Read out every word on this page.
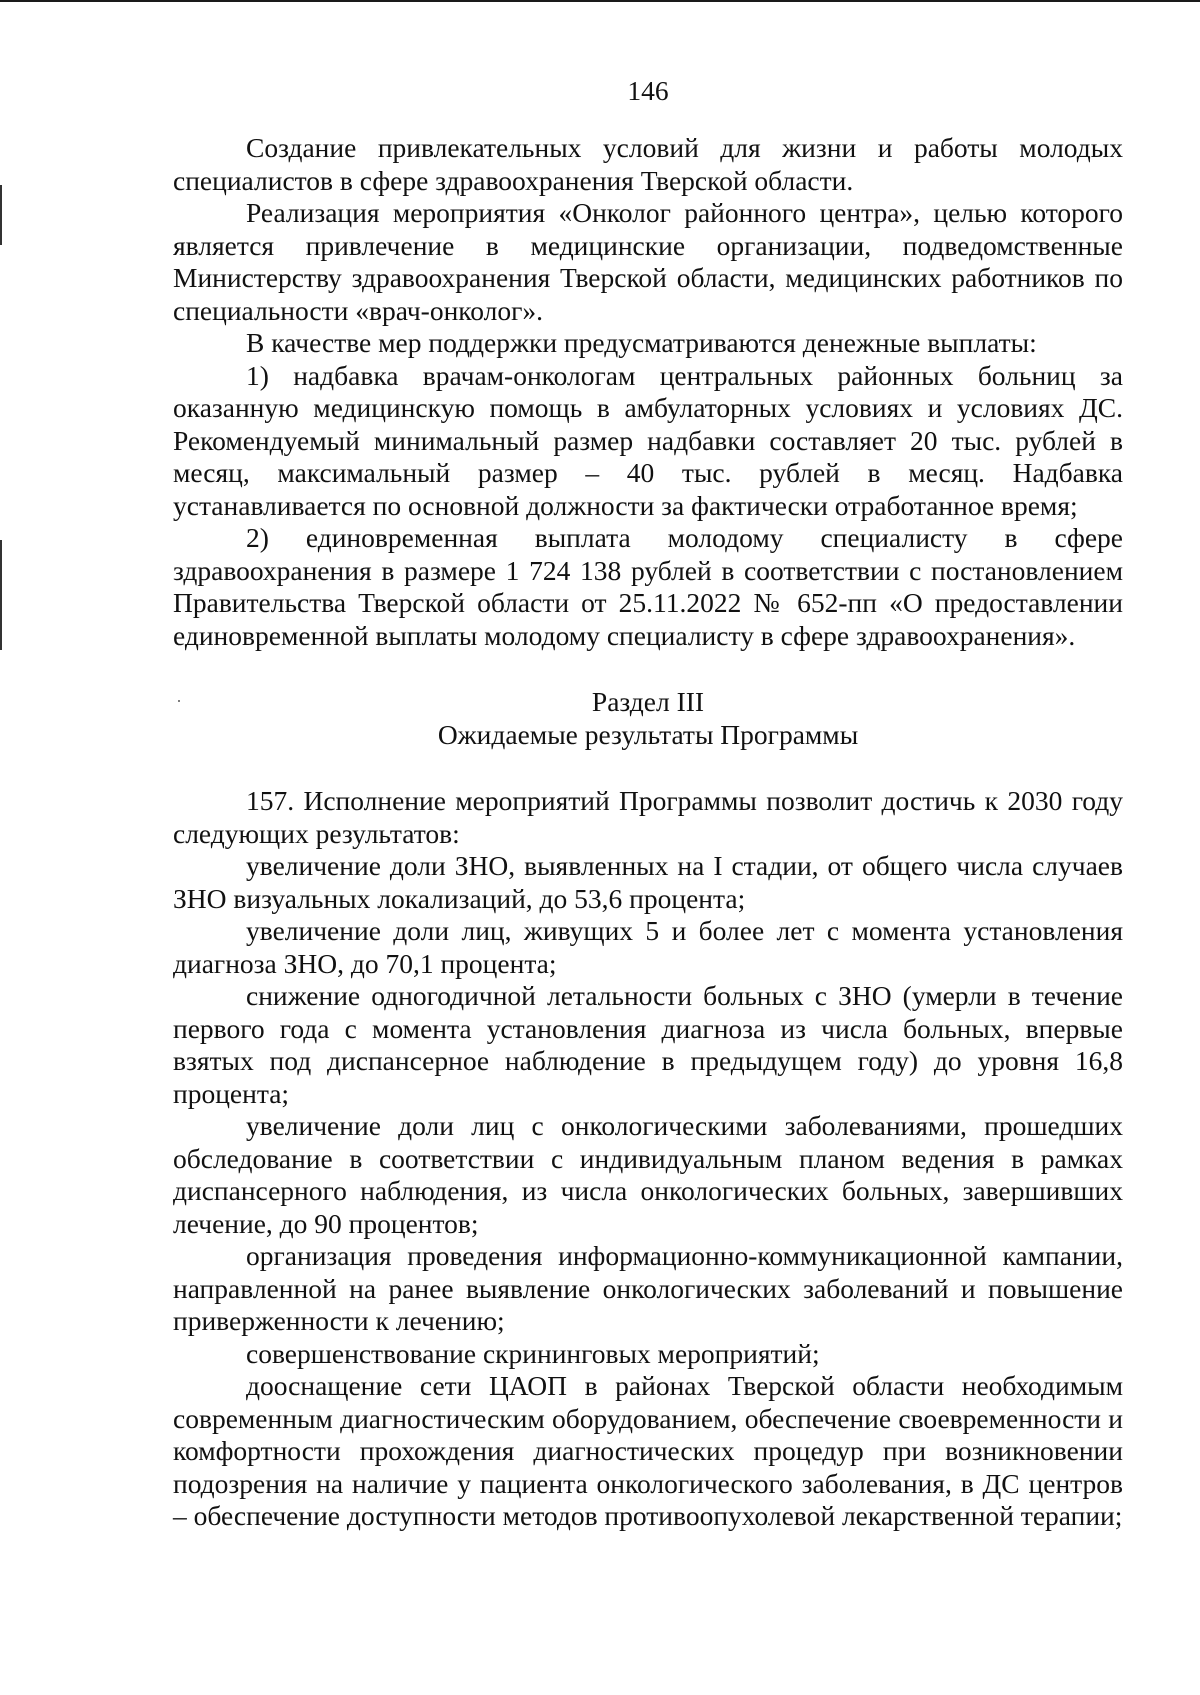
146

Создание привлекательных условий для жизни и работы молодых специалистов в сфере здравоохранения Тверской области.

Реализация мероприятия «Онколог районного центра», целью которого является привлечение в медицинские организации, подведомственные Министерству здравоохранения Тверской области, медицинских работников по специальности «врач-онколог».

В качестве мер поддержки предусматриваются денежные выплаты:

1) надбавка врачам-онкологам центральных районных больниц за оказанную медицинскую помощь в амбулаторных условиях и условиях ДС. Рекомендуемый минимальный размер надбавки составляет 20 тыс. рублей в месяц, максимальный размер – 40 тыс. рублей в месяц. Надбавка устанавливается по основной должности за фактически отработанное время;

2) единовременная выплата молодому специалисту в сфере здравоохранения в размере 1 724 138 рублей в соответствии с постановлением Правительства Тверской области от 25.11.2022 № 652-пп «О предоставлении единовременной выплаты молодому специалисту в сфере здравоохранения».

Раздел III

Ожидаемые результаты Программы

157. Исполнение мероприятий Программы позволит достичь к 2030 году следующих результатов:

увеличение доли ЗНО, выявленных на I стадии, от общего числа случаев ЗНО визуальных локализаций, до 53,6 процента;

увеличение доли лиц, живущих 5 и более лет с момента установления диагноза ЗНО, до 70,1 процента;

снижение одногодичной летальности больных с ЗНО (умерли в течение первого года с момента установления диагноза из числа больных, впервые взятых под диспансерное наблюдение в предыдущем году) до уровня 16,8 процента;

увеличение доли лиц с онкологическими заболеваниями, прошедших обследование в соответствии с индивидуальным планом ведения в рамках диспансерного наблюдения, из числа онкологических больных, завершивших лечение, до 90 процентов;

организация проведения информационно-коммуникационной кампании, направленной на ранее выявление онкологических заболеваний и повышение приверженности к лечению;

совершенствование скрининговых мероприятий;

дооснащение сети ЦАОП в районах Тверской области необходимым современным диагностическим оборудованием, обеспечение своевременности и комфортности прохождения диагностических процедур при возникновении подозрения на наличие у пациента онкологического заболевания, в ДС центров – обеспечение доступности методов противоопухолевой лекарственной терапии;
